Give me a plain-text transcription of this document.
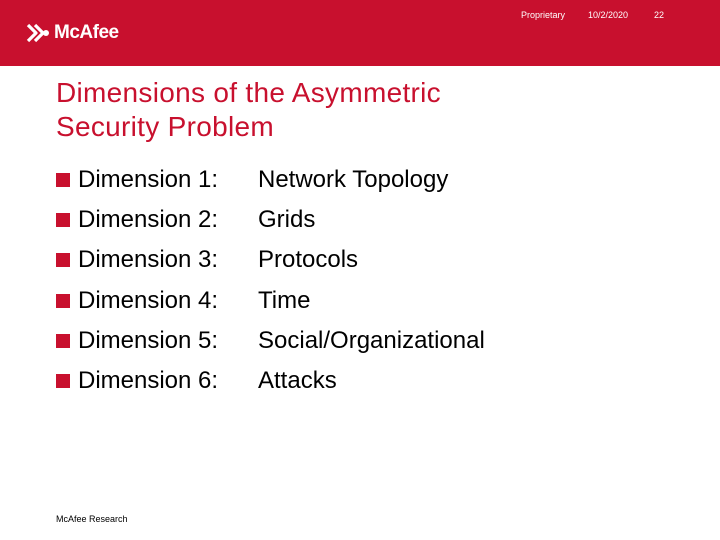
McAfee
Proprietary	10/2/2020	22
Dimensions of the Asymmetric
Security Problem
Dimension 1:	Network Topology
Dimension 2:	Grids
Dimension 3:	Protocols
Dimension 4:	Time
Dimension 5:	Social/Organizational
Dimension 6:	Attacks
McAfee Research
